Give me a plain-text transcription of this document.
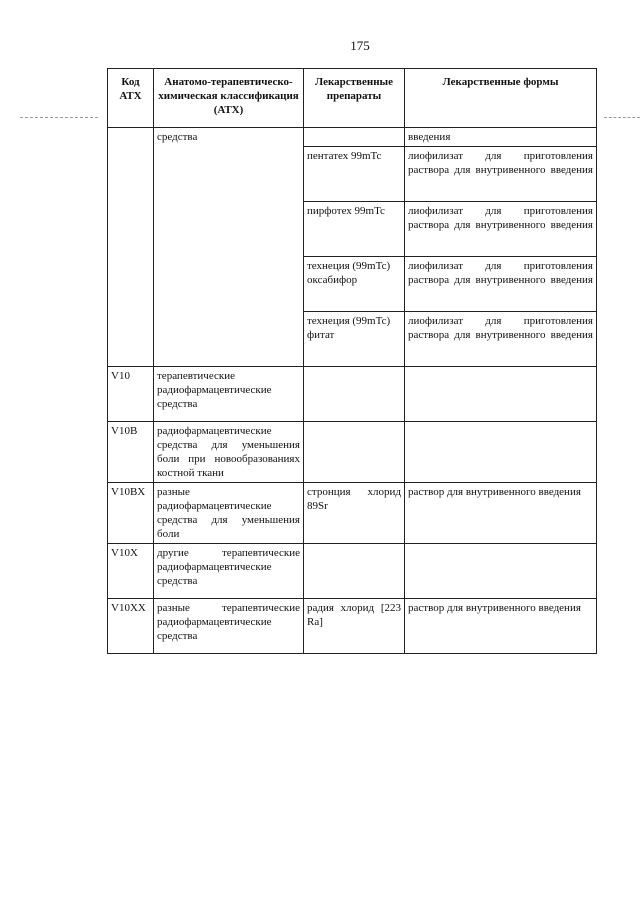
175
Код АТХ	Анатомо-терапевтическо-химическая классификация (АТХ)	Лекарственные препараты	Лекарственные формы
	средства		введения
		пентатех 99mTc	лиофилизат для приготовления раствора для внутривенного введения
		пирфотех 99mTc	лиофилизат для приготовления раствора для внутривенного введения
		технеция (99mTc) оксабифор	лиофилизат для приготовления раствора для внутривенного введения
		технеция (99mTc) фитат	лиофилизат для приготовления раствора для внутривенного введения
V10	терапевтические радиофармацевтические средства		
V10B	радиофармацевтические средства для уменьшения боли при новообразованиях костной ткани		
V10BX	разные радиофармацевтические средства для уменьшения боли	стронция хлорид 89Sr	раствор для внутривенного введения
V10X	другие терапевтические радиофармацевтические средства		
V10XX	разные терапевтические радиофармацевтические средства	радия хлорид [223 Ra]	раствор для внутривенного введения
